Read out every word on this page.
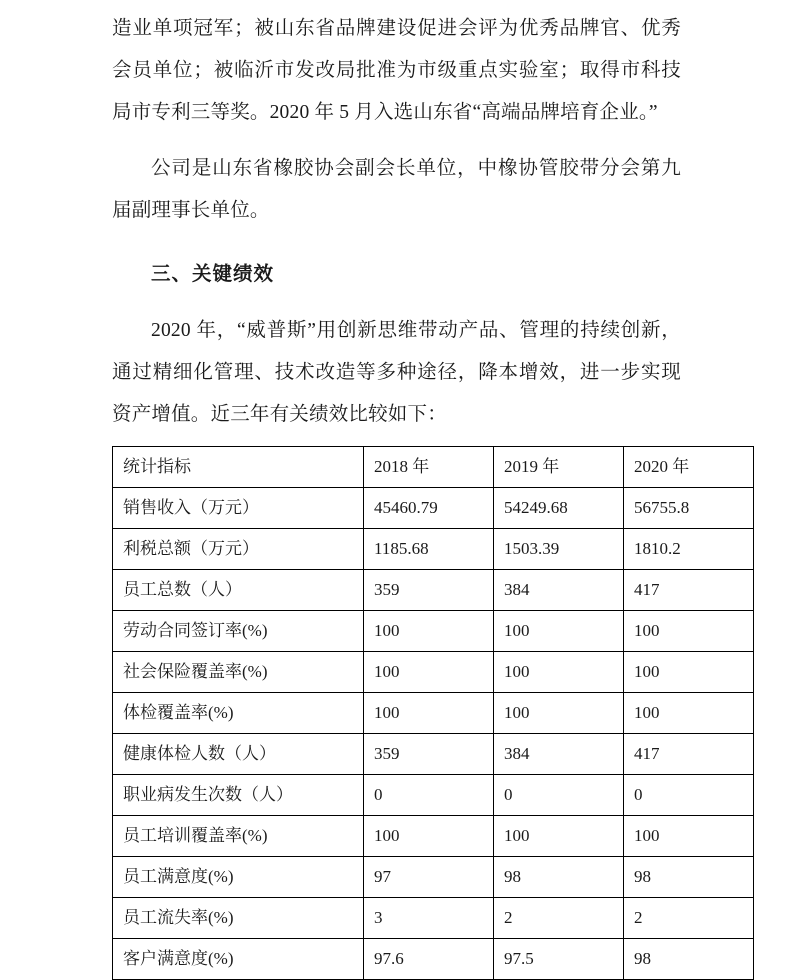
造业单项冠军；被山东省品牌建设促进会评为优秀品牌官、优秀会员单位；被临沂市发改局批准为市级重点实验室；取得市科技局市专利三等奖。2020 年 5 月入选山东省“高端品牌培育企业。”

公司是山东省橡胶协会副会长单位，中橡协管胶带分会第九届副理事长单位。

三、关键绩效

2020 年，“威普斯”用创新思维带动产品、管理的持续创新，通过精细化管理、技术改造等多种途径，降本增效，进一步实现资产增值。近三年有关绩效比较如下：

统计指标	2018 年	2019 年	2020 年
销售收入（万元）	45460.79	54249.68	56755.8
利税总额（万元）	1185.68	1503.39	1810.2
员工总数（人）	359	384	417
劳动合同签订率(%)	100	100	100
社会保险覆盖率(%)	100	100	100
体检覆盖率(%)	100	100	100
健康体检人数（人）	359	384	417
职业病发生次数（人）	0	0	0
员工培训覆盖率(%)	100	100	100
员工满意度(%)	97	98	98
员工流失率(%)	3	2	2
客户满意度(%)	97.6	97.5	98
